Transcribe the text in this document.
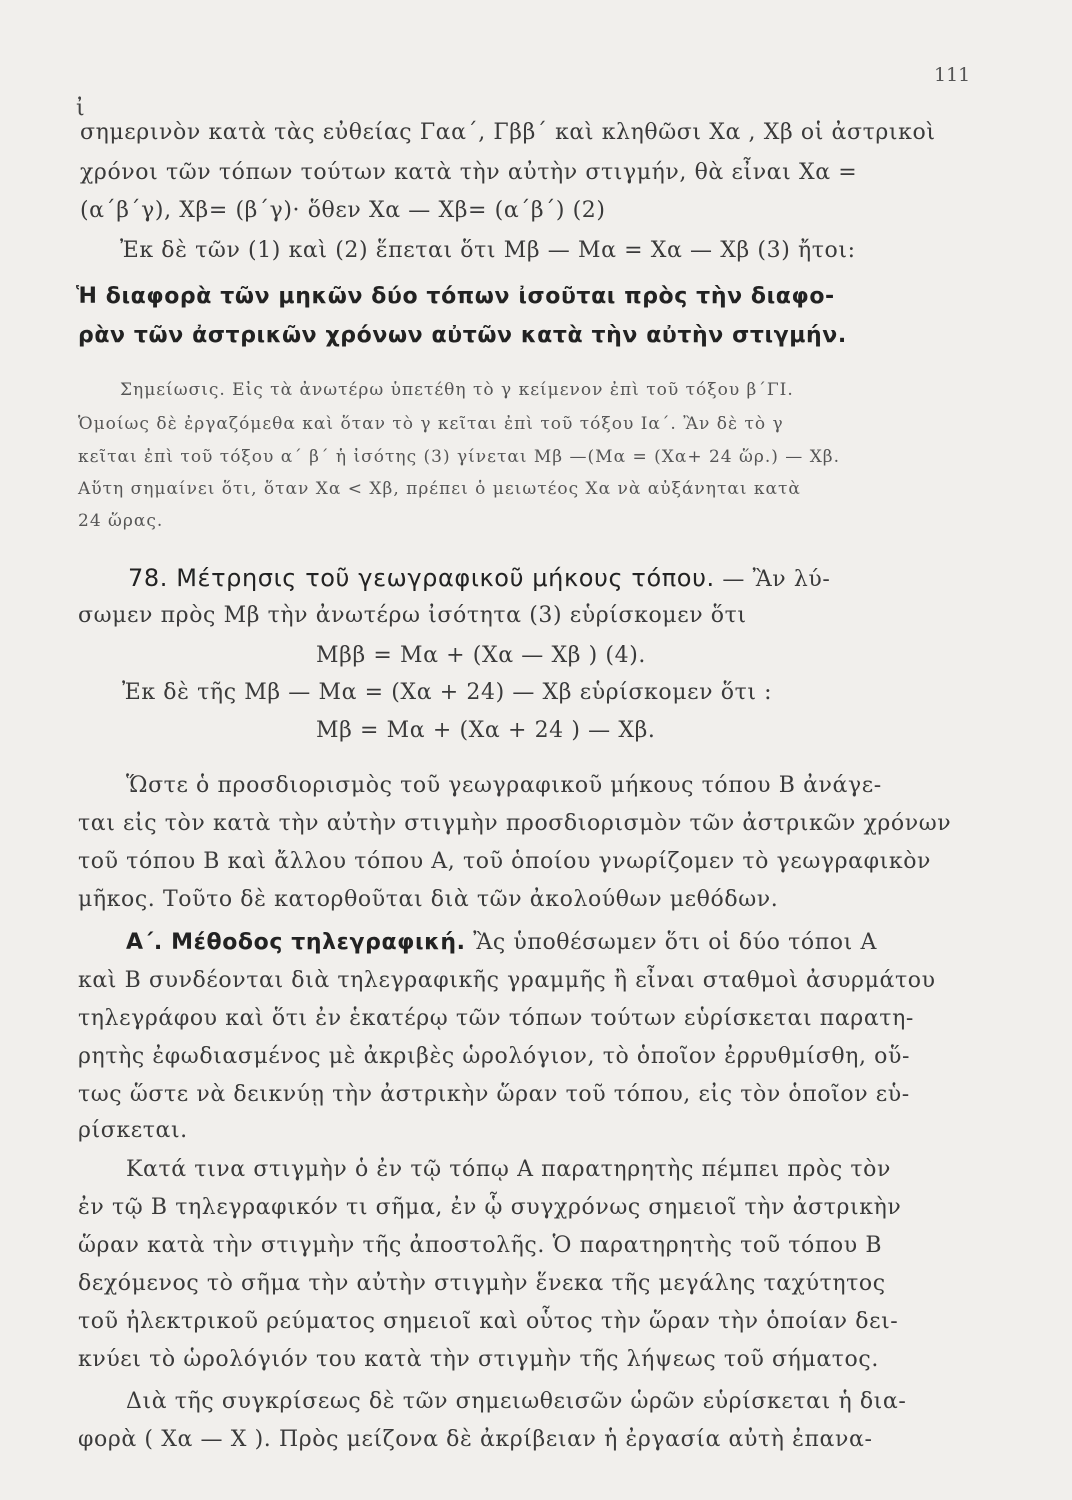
111
ἰ
σημερινὸν κατὰ τὰς εὐθείας Γαα΄, Γββ΄ καὶ κληθῶσι Χα , Χβ οἱ ἀστρικοὶ
χρόνοι τῶν τόπων τούτων κατὰ τὴν αὐτὴν στιγμήν, θὰ εἶναι Χα =
(α΄β΄γ), Χβ= (β΄γ)· ὅθεν Χα — Χβ= (α΄β΄) (2)
Ἐκ δὲ τῶν (1) καὶ (2) ἕπεται ὅτι Μβ — Μα = Χα — Χβ (3) ἤτοι:
Ἡ διαφορὰ τῶν μηκῶν δύο τόπων ἰσοῦται πρὸς τὴν διαφο-
ρὰν τῶν ἀστρικῶν χρόνων αὐτῶν κατὰ τὴν αὐτὴν στιγμήν.
Σημείωσις. Εἰς τὰ ἀνωτέρω ὑπετέθη τὸ γ κείμενον ἐπὶ τοῦ τόξου β΄ΓΙ.
Ὁμοίως δὲ ἐργαζόμεθα καὶ ὅταν τὸ γ κεῖται ἐπὶ τοῦ τόξου Ια΄. Ἂν δὲ τὸ γ
κεῖται ἐπὶ τοῦ τόξου α΄ β΄ ἡ ἰσότης (3) γίνεται Μβ —(Μα = (Χα+ 24 ὥρ.) — Χβ.
Αὕτη σημαίνει ὅτι, ὅταν Χα < Χβ, πρέπει ὁ μειωτέος Χα νὰ αὐξάνηται κατὰ
24 ὥρας.
78. Μέτρησις τοῦ γεωγραφικοῦ μήκους τόπου. — Ἂν λύ-
σωμεν πρὸς Μβ τὴν ἀνωτέρω ἰσότητα (3) εὑρίσκομεν ὅτι
Μββ = Μα + (Χα — Χβ ) (4).
Ἐκ δὲ τῆς Μβ — Μα = (Χα + 24) — Χβ εὑρίσκομεν ὅτι :
Μβ = Μα + (Χα + 24 ) — Χβ.
Ὥστε ὁ προσδιορισμὸς τοῦ γεωγραφικοῦ μήκους τόπου Β ἀνάγε-
ται εἰς τὸν κατὰ τὴν αὐτὴν στιγμὴν προσδιορισμὸν τῶν ἀστρικῶν χρόνων
τοῦ τόπου Β καὶ ἄλλου τόπου Α, τοῦ ὁποίου γνωρίζομεν τὸ γεωγραφικὸν
μῆκος. Τοῦτο δὲ κατορθοῦται διὰ τῶν ἀκολούθων μεθόδων.
Α΄. Μέθοδος τηλεγραφική. Ἂς ὑποθέσωμεν ὅτι οἱ δύο τόποι Α
καὶ Β συνδέονται διὰ τηλεγραφικῆς γραμμῆς ἢ εἶναι σταθμοὶ ἀσυρμάτου
τηλεγράφου καὶ ὅτι ἐν ἑκατέρῳ τῶν τόπων τούτων εὑρίσκεται παρατη-
ρητὴς ἐφωδιασμένος μὲ ἀκριβὲς ὡρολόγιον, τὸ ὁποῖον ἐρρυθμίσθη, οὕ-
τως ὥστε νὰ δεικνύῃ τὴν ἀστρικὴν ὥραν τοῦ τόπου, εἰς τὸν ὁποῖον εὑ-
ρίσκεται.
Κατά τινα στιγμὴν ὁ ἐν τῷ τόπῳ Α παρατηρητὴς πέμπει πρὸς τὸν
ἐν τῷ Β τηλεγραφικόν τι σῆμα, ἐν ᾧ συγχρόνως σημειοῖ τὴν ἀστρικὴν
ὥραν κατὰ τὴν στιγμὴν τῆς ἀποστολῆς. Ὁ παρατηρητὴς τοῦ τόπου Β
δεχόμενος τὸ σῆμα τὴν αὐτὴν στιγμὴν ἕνεκα τῆς μεγάλης ταχύτητος
τοῦ ἠλεκτρικοῦ ρεύματος σημειοῖ καὶ οὗτος τὴν ὥραν τὴν ὁποίαν δει-
κνύει τὸ ὡρολόγιόν του κατὰ τὴν στιγμὴν τῆς λήψεως τοῦ σήματος.
Διὰ τῆς συγκρίσεως δὲ τῶν σημειωθεισῶν ὡρῶν εὑρίσκεται ἡ δια-
φορὰ ( Χα — Χ ). Πρὸς μείζονα δὲ ἀκρίβειαν ἡ ἐργασία αὐτὴ ἐπανα-
